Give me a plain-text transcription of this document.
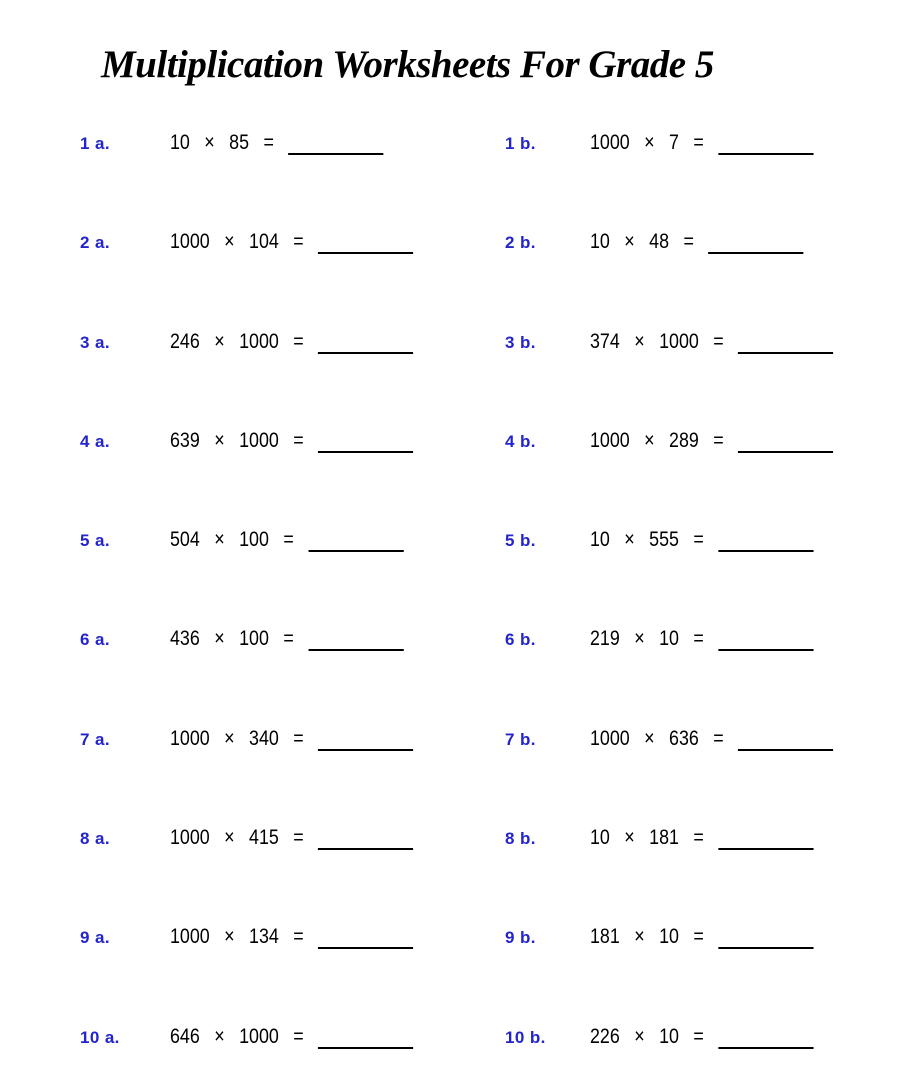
Multiplication Worksheets For Grade 5
1 a.	10 × 85 =	1 b.	1000 × 7 =
2 a.	1000 × 104 =	2 b.	10 × 48 =
3 a.	246 × 1000 =	3 b.	374 × 1000 =
4 a.	639 × 1000 =	4 b.	1000 × 289 =
5 a.	504 × 100 =	5 b.	10 × 555 =
6 a.	436 × 100 =	6 b.	219 × 10 =
7 a.	1000 × 340 =	7 b.	1000 × 636 =
8 a.	1000 × 415 =	8 b.	10 × 181 =
9 a.	1000 × 134 =	9 b.	181 × 10 =
10 a. 646 × 1000 =	10 b. 226 × 10 =
